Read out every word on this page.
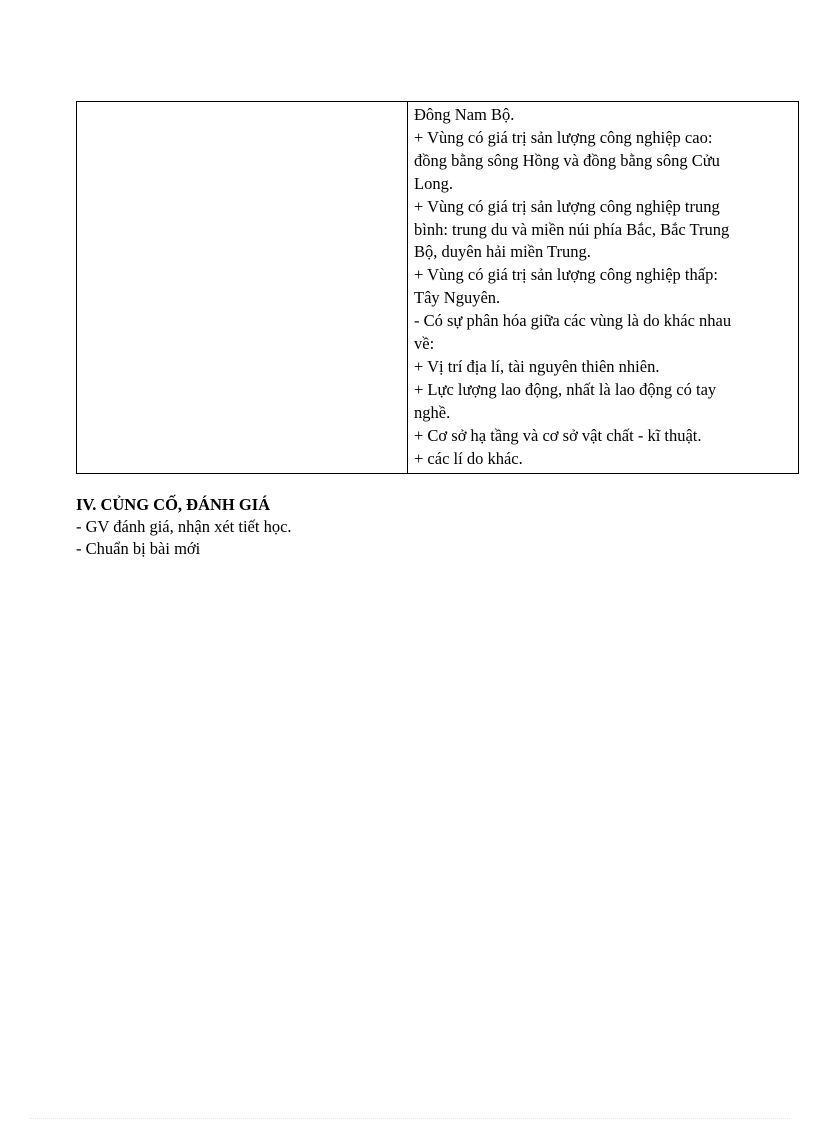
Đông Nam Bộ.
+ Vùng có giá trị sản lượng công nghiệp cao:
đồng bằng sông Hồng và đồng bằng sông Cửu
Long.
+ Vùng có giá trị sản lượng công nghiệp trung
bình: trung du và miền núi phía Bắc, Bắc Trung
Bộ, duyên hải miền Trung.
+ Vùng có giá trị sản lượng công nghiệp thấp:
Tây Nguyên.
- Có sự phân hóa giữa các vùng là do khác nhau
về:
+ Vị trí địa lí, tài nguyên thiên nhiên.
+ Lực lượng lao động, nhất là lao động có tay
nghề.
+ Cơ sở hạ tầng và cơ sở vật chất - kĩ thuật.
+ các lí do khác.

IV. CỦNG CỐ, ĐÁNH GIÁ

- GV đánh giá, nhận xét tiết học.

- Chuẩn bị bài mới
